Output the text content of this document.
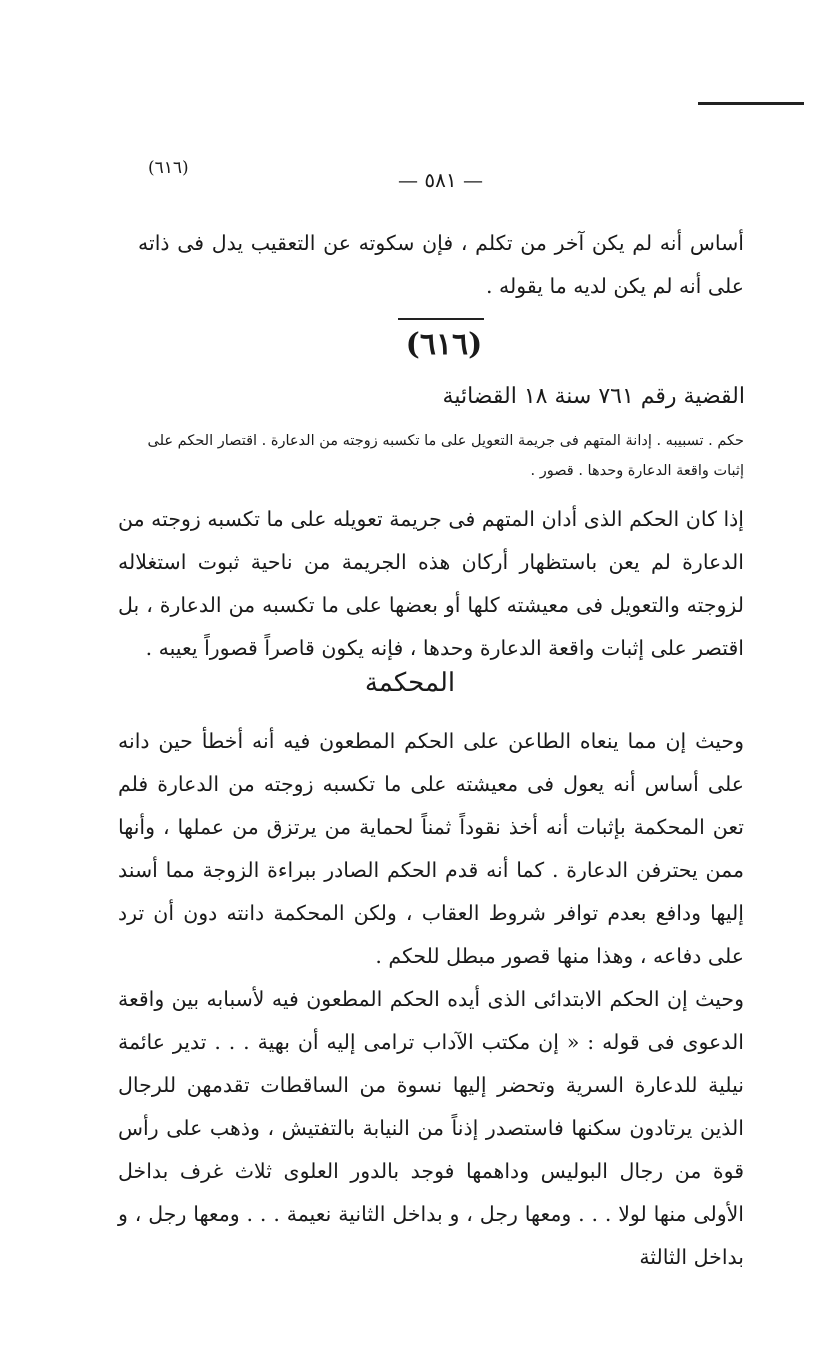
(٦١٦)	— ٥٨١ —

أساس أنه لم يكن آخر من تكلم ، فإن سكوته عن التعقيب يدل فى ذاته على أنه لم يكن لديه ما يقوله .

(٦١٦)
القضية رقم ٧٦١ سنة ١٨ القضائية

حكم . تسبيبه . إدانة المتهم فى جريمة التعويل على ما تكسبه زوجته من الدعارة . اقتصار الحكم على إثبات واقعة الدعارة وحدها . قصور .

إذا كان الحكم الذى أدان المتهم فى جريمة تعويله على ما تكسبه زوجته من الدعارة لم يعن باستظهار أركان هذه الجريمة من ناحية ثبوت استغلاله لزوجته والتعويل فى معيشته كلها أو بعضها على ما تكسبه من الدعارة ، بل اقتصر على إثبات واقعة الدعارة وحدها ، فإنه يكون قاصراً قصوراً يعيبه .

المحكمة

وحيث إن مما ينعاه الطاعن على الحكم المطعون فيه أنه أخطأ حين دانه على أساس أنه يعول فى معيشته على ما تكسبه زوجته من الدعارة فلم تعن المحكمة بإثبات أنه أخذ نقوداً ثمناً لحماية من يرتزق من عملها ، وأنها ممن يحترفن الدعارة . كما أنه قدم الحكم الصادر ببراءة الزوجة مما أسند إليها ودافع بعدم توافر شروط العقاب ، ولكن المحكمة دانته دون أن ترد على دفاعه ، وهذا منها قصور مبطل للحكم .

وحيث إن الحكم الابتدائى الذى أيده الحكم المطعون فيه لأسبابه بين واقعة الدعوى فى قوله : « إن مكتب الآداب ترامى إليه أن بهية . . . تدير عائمة نيلية للدعارة السرية وتحضر إليها نسوة من الساقطات تقدمهن للرجال الذين يرتادون سكنها فاستصدر إذناً من النيابة بالتفتيش ، وذهب على رأس قوة من رجال البوليس وداهمها فوجد بالدور العلوى ثلاث غرف بداخل الأولى منها لولا . . . ومعها رجل ، و بداخل الثانية نعيمة . . . ومعها رجل ، و بداخل الثالثة
